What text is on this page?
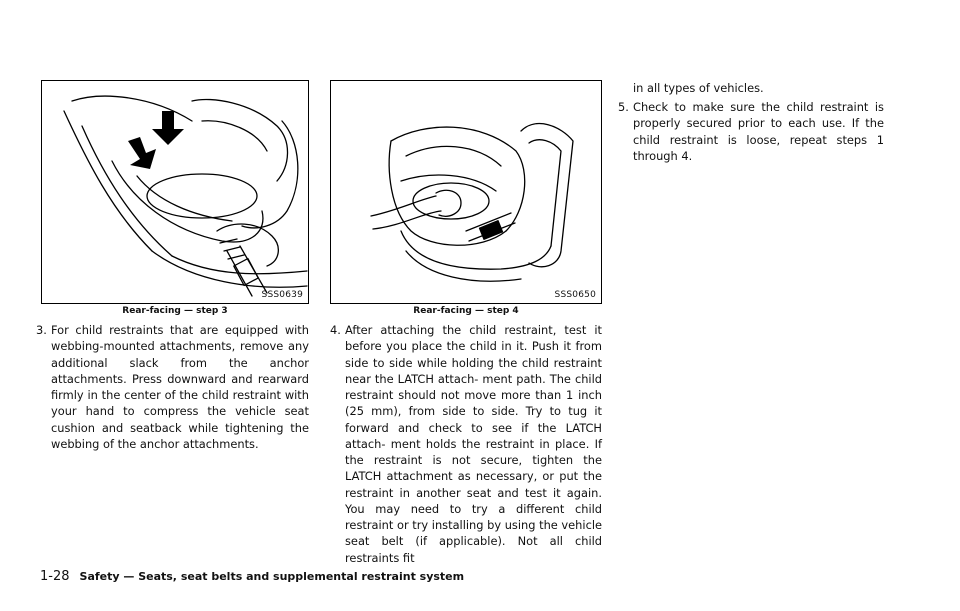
SSS0639
Rear-facing — step 3
SSS0650
Rear-facing — step 4
3. For child restraints that are equipped with webbing-mounted attachments, remove any additional slack from the anchor attachments. Press downward and rearward firmly in the center of the child restraint with your hand to compress the vehicle seat cushion and seatback while tightening the webbing of the anchor attachments.
4. After attaching the child restraint, test it before you place the child in it. Push it from side to side while holding the child restraint near the LATCH attach- ment path. The child restraint should not move more than 1 inch (25 mm), from side to side. Try to tug it forward and check to see if the LATCH attach- ment holds the restraint in place. If the restraint is not secure, tighten the LATCH attachment as necessary, or put the restraint in another seat and test it again. You may need to try a different child restraint or try installing by using the vehicle seat belt (if applicable). Not all child restraints fit
in all types of vehicles.
5. Check to make sure the child restraint is properly secured prior to each use. If the child restraint is loose, repeat steps 1 through 4.
1-28 Safety — Seats, seat belts and supplemental restraint system
